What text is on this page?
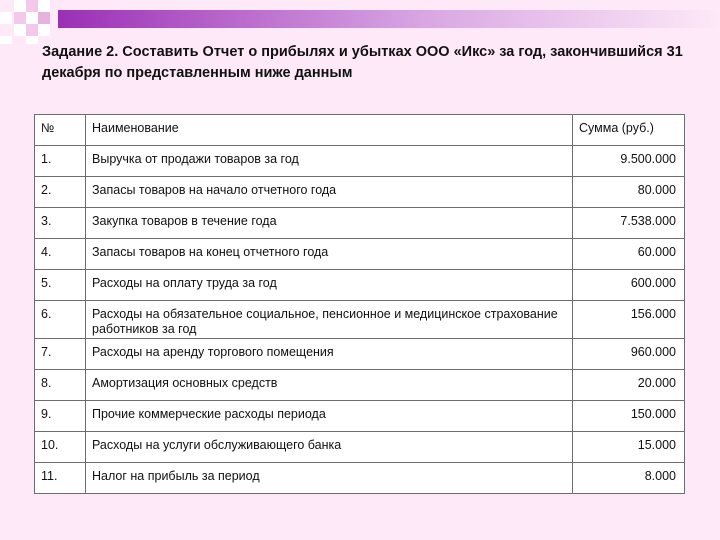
Задание 2. Составить Отчет о прибылях и убытках ООО «Икс» за год, закончившийся 31 декабря по представленным ниже данным
№	Наименование	Сумма (руб.)
1.	Выручка от продажи товаров за год	9.500.000
2.	Запасы товаров на начало отчетного года	80.000
3.	Закупка товаров в течение года	7.538.000
4.	Запасы товаров на конец отчетного года	60.000
5.	Расходы на оплату труда за год	600.000
6.	Расходы на обязательное социальное, пенсионное и медицинское страхование работников за год	156.000
7.	Расходы на аренду торгового помещения	960.000
8.	Амортизация основных средств	20.000
9.	Прочие коммерческие расходы периода	150.000
10.	Расходы на услуги обслуживающего банка	15.000
11.	Налог на прибыль за период	8.000
